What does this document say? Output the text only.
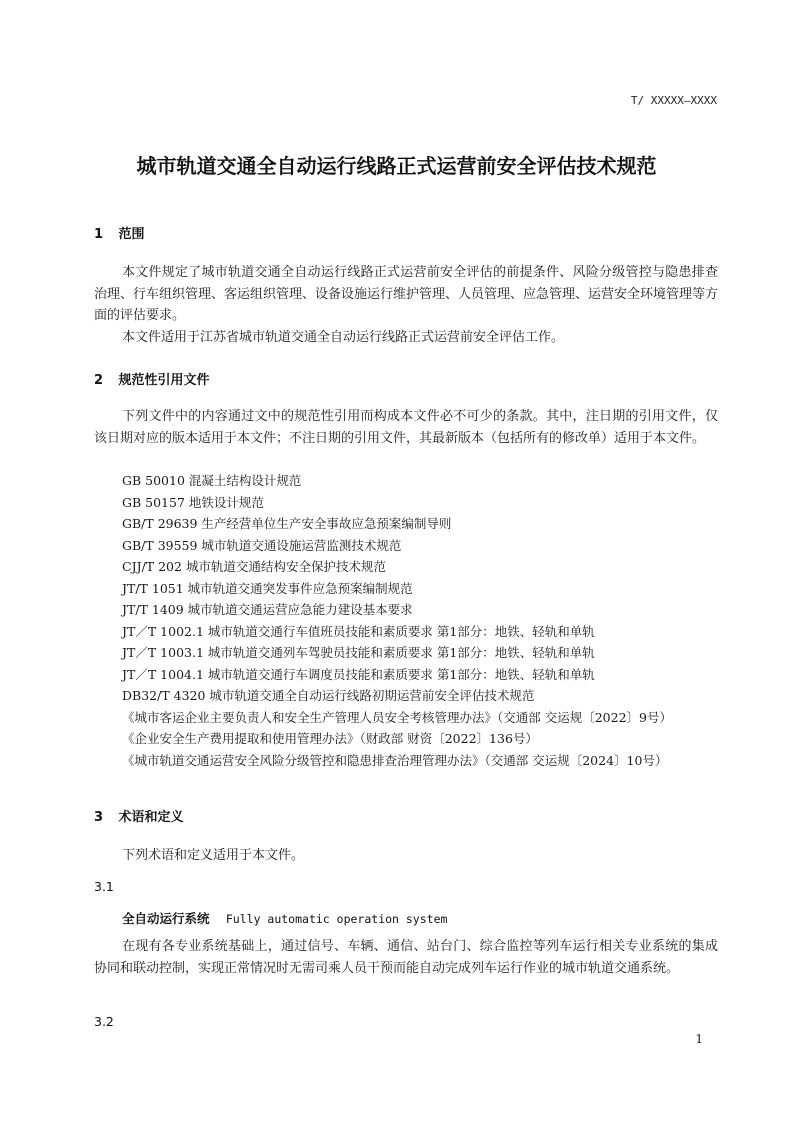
T/ XXXXX—XXXX
城市轨道交通全自动运行线路正式运营前安全评估技术规范
1 范围

本文件规定了城市轨道交通全自动运行线路正式运营前安全评估的前提条件、风险分级管控与隐患排查治理、行车组织管理、客运组织管理、设备设施运行维护管理、人员管理、应急管理、运营安全环境管理等方面的评估要求。

本文件适用于江苏省城市轨道交通全自动运行线路正式运营前安全评估工作。

2 规范性引用文件

下列文件中的内容通过文中的规范性引用而构成本文件必不可少的条款。其中，注日期的引用文件，仅该日期对应的版本适用于本文件；不注日期的引用文件，其最新版本（包括所有的修改单）适用于本文件。

GB 50010 混凝土结构设计规范
GB 50157 地铁设计规范
GB/T 29639 生产经营单位生产安全事故应急预案编制导则
GB/T 39559 城市轨道交通设施运营监测技术规范
CJJ/T 202 城市轨道交通结构安全保护技术规范
JT/T 1051 城市轨道交通突发事件应急预案编制规范
JT/T 1409 城市轨道交通运营应急能力建设基本要求
JT／T 1002.1 城市轨道交通行车值班员技能和素质要求 第1部分：地铁、轻轨和单轨
JT／T 1003.1 城市轨道交通列车驾驶员技能和素质要求 第1部分：地铁、轻轨和单轨
JT／T 1004.1 城市轨道交通行车调度员技能和素质要求 第1部分：地铁、轻轨和单轨
DB32/T 4320 城市轨道交通全自动运行线路初期运营前安全评估技术规范
《城市客运企业主要负责人和安全生产管理人员安全考核管理办法》（交通部 交运规〔2022〕9号）
《企业安全生产费用提取和使用管理办法》（财政部 财资〔2022〕136号）
《城市轨道交通运营安全风险分级管控和隐患排查治理管理办法》（交通部 交运规〔2024〕10号）
3 术语和定义

下列术语和定义适用于本文件。

3.1
全自动运行系统 Fully automatic operation system

在现有各专业系统基础上，通过信号、车辆、通信、站台门、综合监控等列车运行相关专业系统的集成协同和联动控制，实现正常情况时无需司乘人员干预而能自动完成列车运行作业的城市轨道交通系统。

3.2
1
